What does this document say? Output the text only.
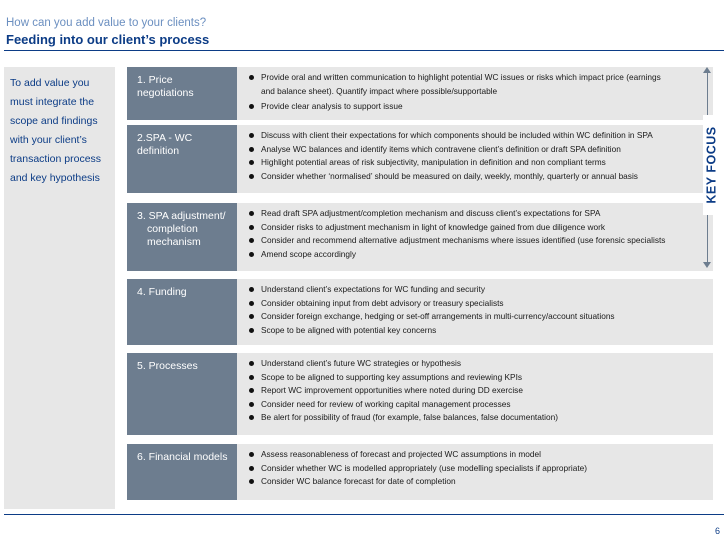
How can you add value to your clients?
Feeding into our client’s process
To add value you
must integrate the
scope and findings
with your client’s
transaction process
and key hypothesis
1. Price
negotiations
Provide oral and written communication to highlight potential WC issues or risks which impact price (earnings
and balance sheet). Quantify impact where possible/supportable
Provide clear analysis to support issue
2.SPA - WC
definition
Discuss with client their expectations for which components should be included within WC definition in SPA
Analyse WC balances and identify items which contravene client’s definition or draft SPA definition
Highlight potential areas of risk subjectivity, manipulation in definition and non compliant terms
Consider whether ‘normalised’ should be measured on daily, weekly, monthly, quarterly or annual basis
3. SPA adjustment/
completion
mechanism
Read draft SPA adjustment/completion mechanism and discuss client’s expectations for SPA
Consider risks to adjustment mechanism in light of knowledge gained from due diligence work
Consider and recommend alternative adjustment mechanisms where issues identified (use forensic specialists
Amend scope accordingly
4. Funding	Understand client’s expectations for WC funding and security
Consider obtaining input from debt advisory or treasury specialists
Consider foreign exchange, hedging or set-off arrangements in multi-currency/account situations
Scope to be aligned with potential key concerns
5. Processes	Understand client’s future WC strategies or hypothesis
Scope to be aligned to supporting key assumptions and reviewing KPIs
Report WC improvement opportunities where noted during DD exercise
Consider need for review of working capital management processes
Be alert for possibility of fraud (for example, false balances, false documentation)
6. Financial models	Assess reasonableness of forecast and projected WC assumptions in model
Consider whether WC is modelled appropriately (use modelling specialists if appropriate)
Consider WC balance forecast for date of completion
KEY FOCUS
6
